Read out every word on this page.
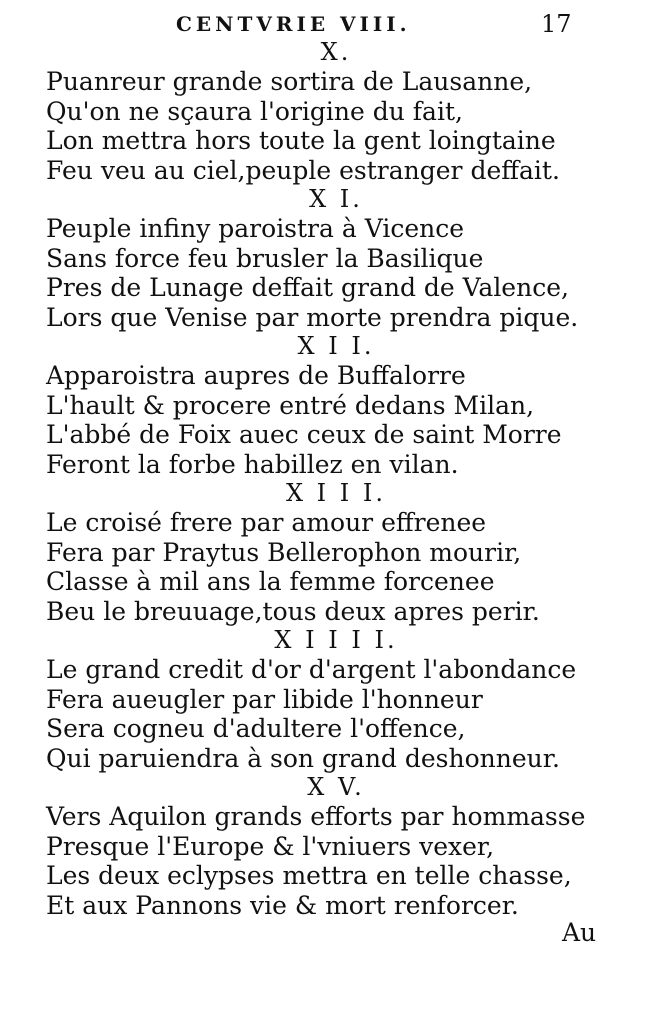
CENTVRIE VIII.	17
X.
Puanreur grande sortira de Lausanne,
Qu'on ne sçaura l'origine du fait,
Lon mettra hors toute la gent loingtaine
Feu veu au ciel,peuple estranger deffait.
X I.
Peuple infiny paroistra à Vicence
Sans force feu brusler la Basilique
Pres de Lunage deffait grand de Valence,
Lors que Venise par morte prendra pique.
X I I.
Apparoistra aupres de Buffalorre
L'hault & procere entré dedans Milan,
L'abbé de Foix auec ceux de saint Morre
Feront la forbe habillez en vilan.
X I I I.
Le croisé frere par amour effrenee
Fera par Praytus Bellerophon mourir,
Classe à mil ans la femme forcenee
Beu le breuuage,tous deux apres perir.
X I I I I.
Le grand credit d'or d'argent l'abondance
Fera aueugler par libide l'honneur
Sera cogneu d'adultere l'offence,
Qui paruiendra à son grand deshonneur.
X V.
Vers Aquilon grands efforts par hommasse
Presque l'Europe & l'vniuers vexer,
Les deux eclypses mettra en telle chasse,
Et aux Pannons vie & mort renforcer.
Au
